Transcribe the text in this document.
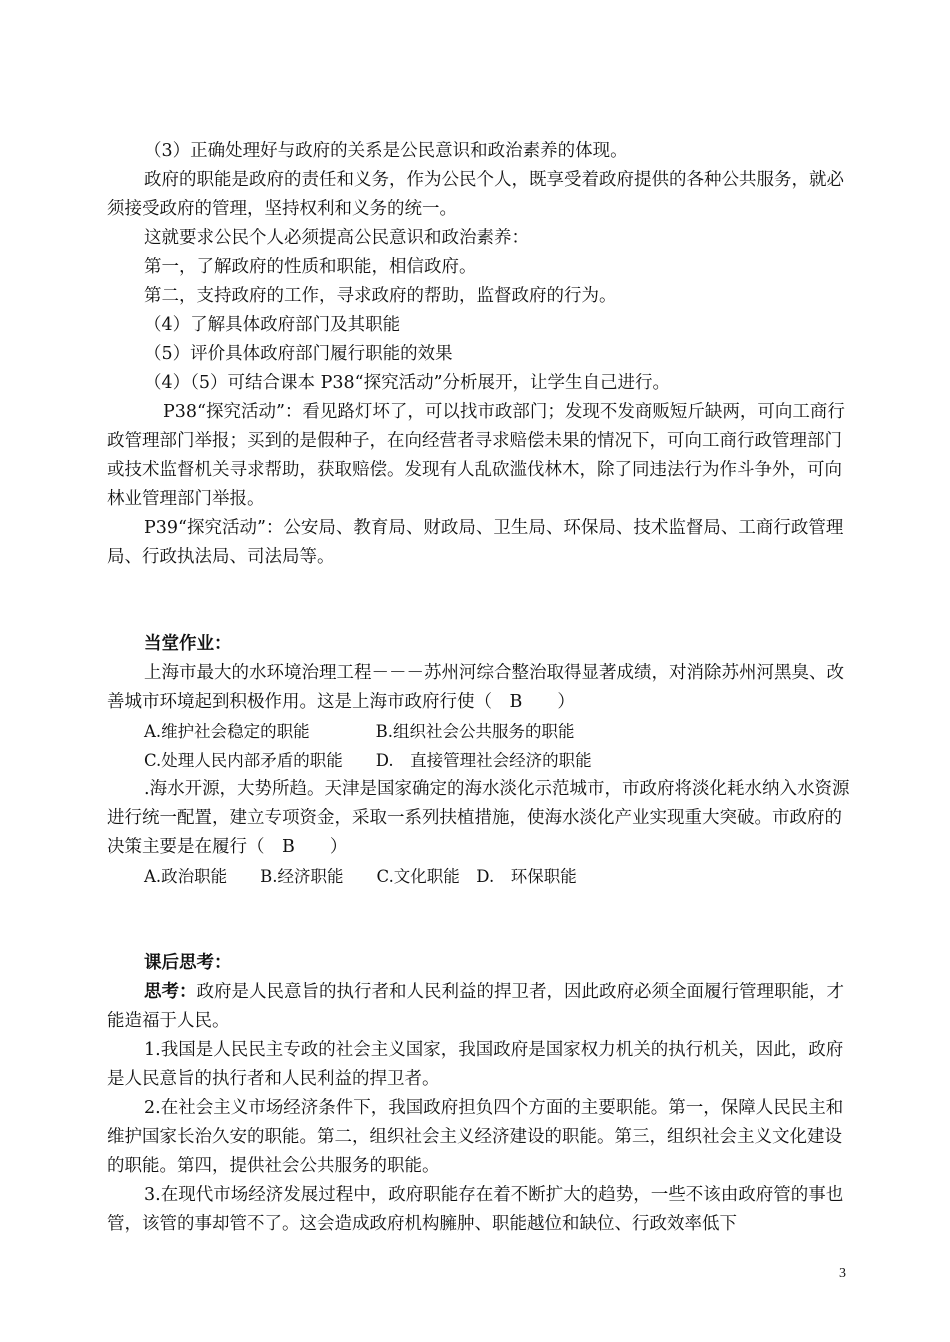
（3）正确处理好与政府的关系是公民意识和政治素养的体现。

政府的职能是政府的责任和义务，作为公民个人，既享受着政府提供的各种公共服务，就必须接受政府的管理，坚持权利和义务的统一。

这就要求公民个人必须提高公民意识和政治素养：

第一，了解政府的性质和职能，相信政府。

第二，支持政府的工作，寻求政府的帮助，监督政府的行为。

（4）了解具体政府部门及其职能

（5）评价具体政府部门履行职能的效果

（4）（5）可结合课本 P38“探究活动”分析展开，让学生自己进行。

P38“探究活动”：看见路灯坏了，可以找市政部门；发现不发商贩短斤缺两，可向工商行政管理部门举报；买到的是假种子，在向经营者寻求赔偿未果的情况下，可向工商行政管理部门或技术监督机关寻求帮助，获取赔偿。发现有人乱砍滥伐林木，除了同违法行为作斗争外，可向林业管理部门举报。

P39“探究活动”：公安局、教育局、财政局、卫生局、环保局、技术监督局、工商行政管理局、行政执法局、司法局等。

当堂作业：

上海市最大的水环境治理工程－－－苏州河综合整治取得显著成绩，对消除苏州河黑臭、改善城市环境起到积极作用。这是上海市政府行使（　B　　）

A.维护社会稳定的职能　　　　B.组织社会公共服务的职能

C.处理人民内部矛盾的职能　　D.　直接管理社会经济的职能

.海水开源，大势所趋。天津是国家确定的海水淡化示范城市，市政府将淡化耗水纳入水资源进行统一配置，建立专项资金，采取一系列扶植措施，使海水淡化产业实现重大突破。市政府的决策主要是在履行（　B　　）

A.政治职能　　B.经济职能　　C.文化职能　D.　环保职能

课后思考：

思考：政府是人民意旨的执行者和人民利益的捍卫者，因此政府必须全面履行管理职能，才能造福于人民。

1.我国是人民民主专政的社会主义国家，我国政府是国家权力机关的执行机关，因此，政府是人民意旨的执行者和人民利益的捍卫者。

2.在社会主义市场经济条件下，我国政府担负四个方面的主要职能。第一，保障人民民主和维护国家长治久安的职能。第二，组织社会主义经济建设的职能。第三，组织社会主义文化建设的职能。第四，提供社会公共服务的职能。

3.在现代市场经济发展过程中，政府职能存在着不断扩大的趋势，一些不该由政府管的事也管，该管的事却管不了。这会造成政府机构臃肿、职能越位和缺位、行政效率低下

3
